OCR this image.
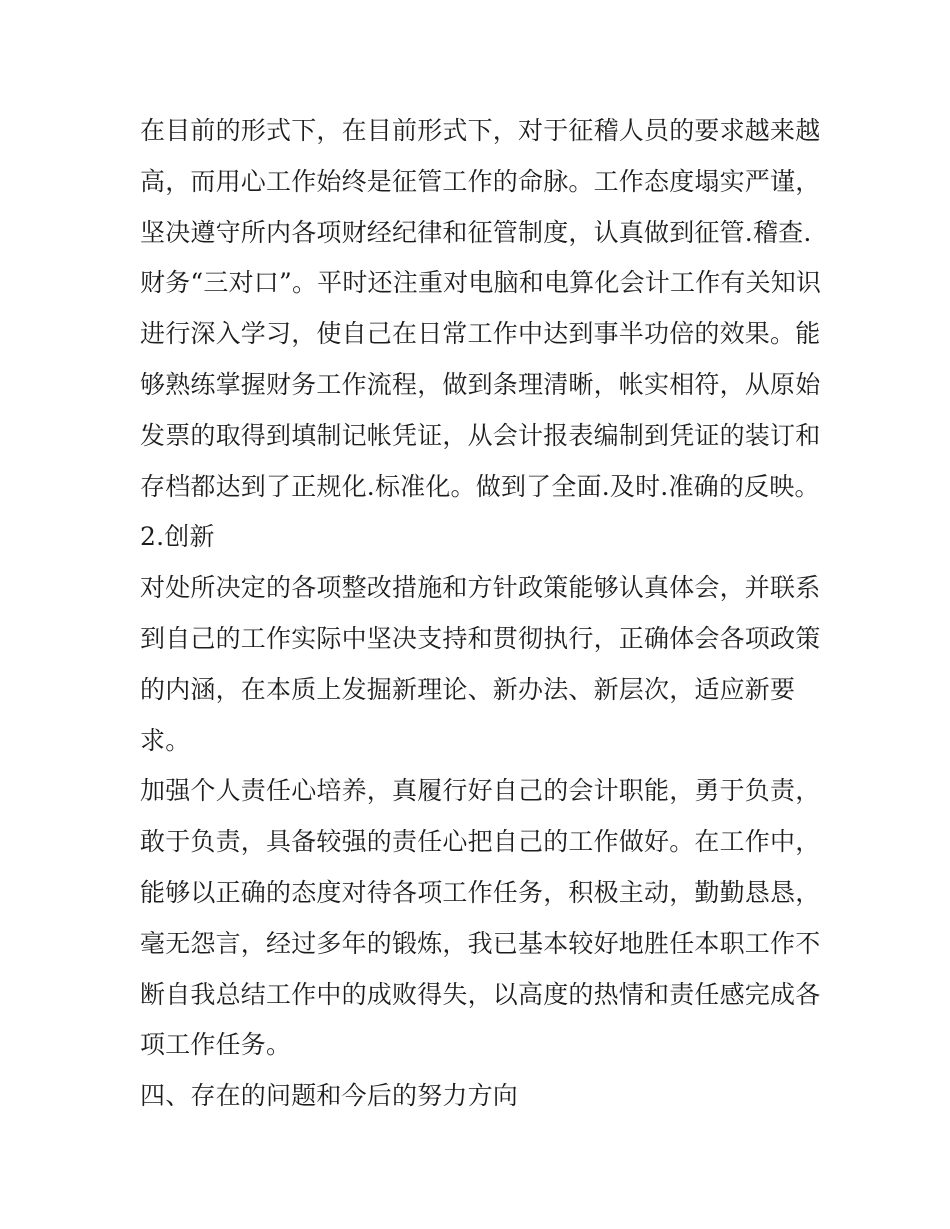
在目前的形式下，在目前形式下，对于征稽人员的要求越来越
高，而用心工作始终是征管工作的命脉。工作态度塌实严谨，
坚决遵守所内各项财经纪律和征管制度，认真做到征管.稽查.
财务“三对口”。平时还注重对电脑和电算化会计工作有关知识
进行深入学习，使自己在日常工作中达到事半功倍的效果。能
够熟练掌握财务工作流程，做到条理清晰，帐实相符，从原始
发票的取得到填制记帐凭证，从会计报表编制到凭证的装订和
存档都达到了正规化.标准化。做到了全面.及时.准确的反映。
2.创新
对处所决定的各项整改措施和方针政策能够认真体会，并联系
到自己的工作实际中坚决支持和贯彻执行，正确体会各项政策
的内涵，在本质上发掘新理论、新办法、新层次，适应新要
求。
加强个人责任心培养，真履行好自己的会计职能，勇于负责，
敢于负责，具备较强的责任心把自己的工作做好。在工作中，
能够以正确的态度对待各项工作任务，积极主动，勤勤恳恳，
毫无怨言，经过多年的锻炼，我已基本较好地胜任本职工作不
断自我总结工作中的成败得失，以高度的热情和责任感完成各
项工作任务。
四、存在的问题和今后的努力方向
